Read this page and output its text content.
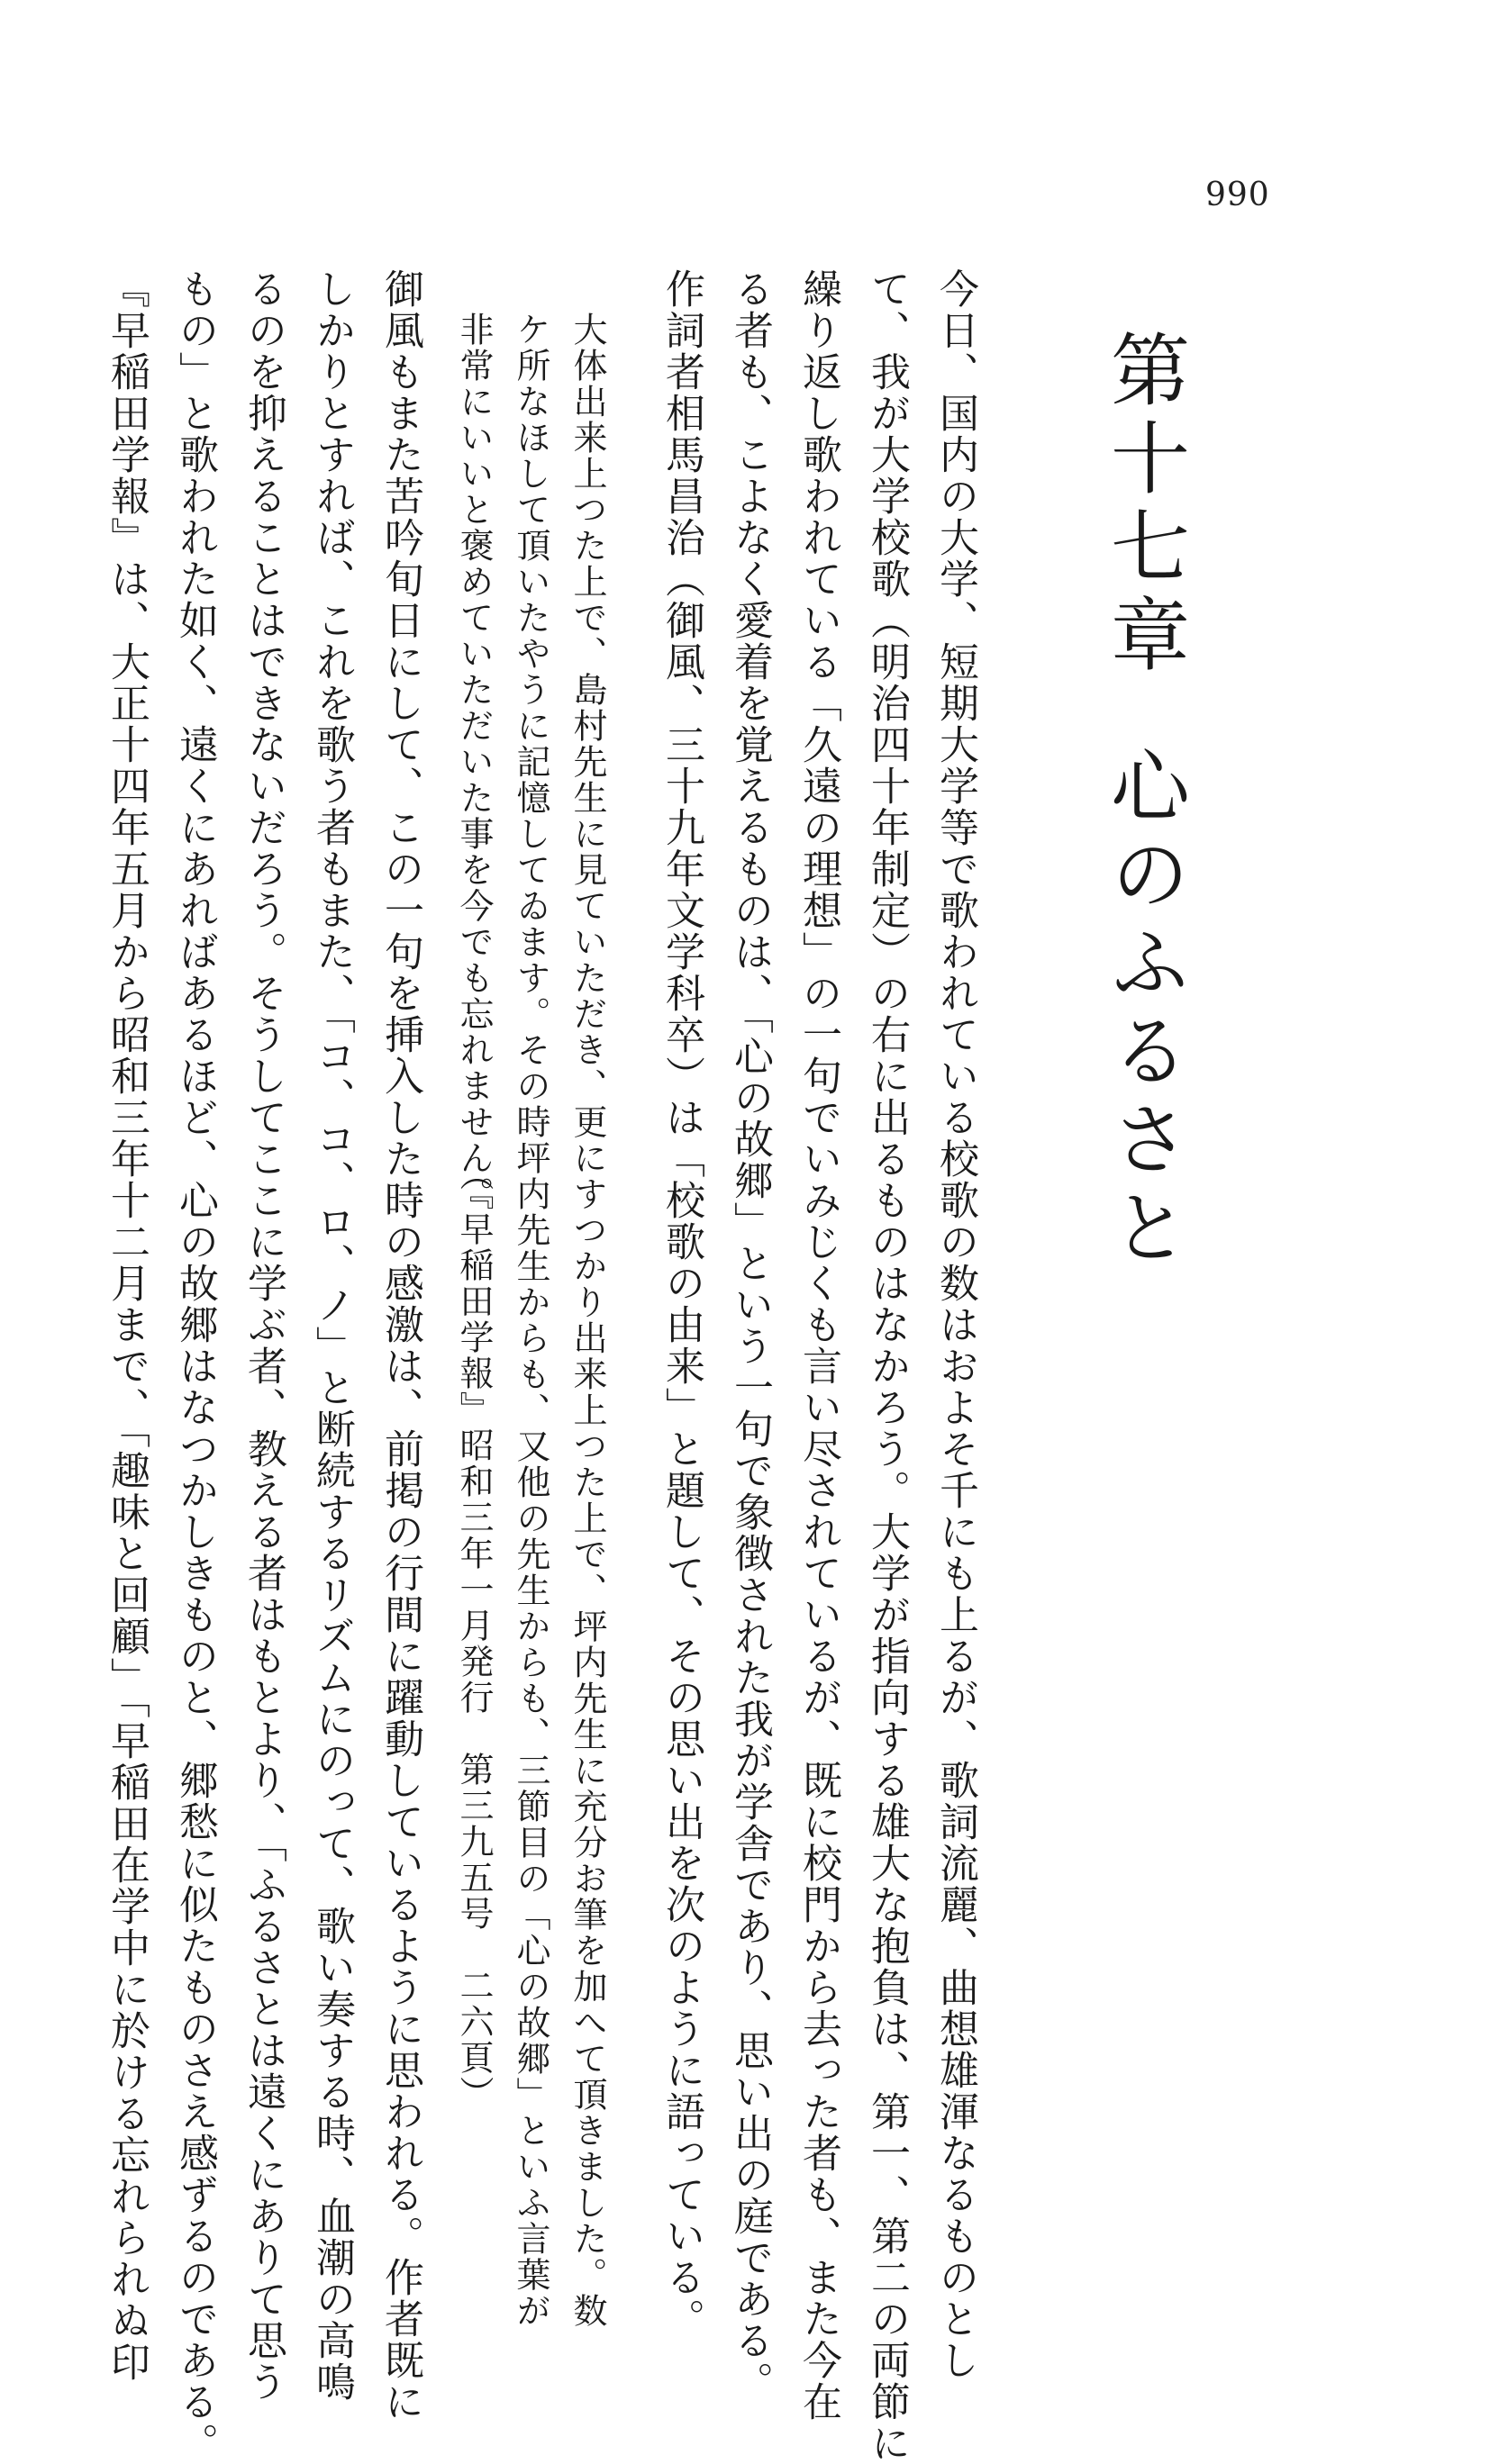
990
第十七章心のふるさと
今日、国内の大学、短期大学等で歌われている校歌の数はおよそ千にも上るが、歌詞流麗、曲想雄渾なるものとし
て、我が大学校歌（明治四十年制定）の右に出るものはなかろう。大学が指向する雄大な抱負は、第一、第二の両節に
繰り返し歌われている「久遠の理想」の一句でいみじくも言い尽されているが、既に校門から去った者も、また今在
る者も、こよなく愛着を覚えるものは、「心の故郷」という一句で象徴された我が学舎であり、思い出の庭である。
作詞者相馬昌治（御風、三十九年文学科卒）は「校歌の由来」と題して、その思い出を次のように語っている。
大体出来上つた上で、島村先生に見ていただき、更にすつかり出来上つた上で、坪内先生に充分お筆を加へて頂きました。数
ケ所なほして頂いたやうに記憶してゐます。その時坪内先生からも、又他の先生からも、三節目の「心の故郷」といふ言葉が
非常にいいと褒めていただいた事を今でも忘れません。
（『早稲田学報』昭和三年一月発行　第三九五号　二六頁）
御風もまた苦吟旬日にして、この一句を挿入した時の感激は、前掲の行間に躍動しているように思われる。作者既に
しかりとすれば、これを歌う者もまた、「コ、コ、ロ、ノ」と断続するリズムにのって、歌い奏する時、血潮の高鳴
るのを抑えることはできないだろう。そうしてここに学ぶ者、教える者はもとより、「ふるさとは遠くにありて思う
もの」と歌われた如く、遠くにあればあるほど、心の故郷はなつかしきものと、郷愁に似たものさえ感ずるのである。
『早稲田学報』は、大正十四年五月から昭和三年十二月まで、「趣味と回顧」「早稲田在学中に於ける忘れられぬ印
